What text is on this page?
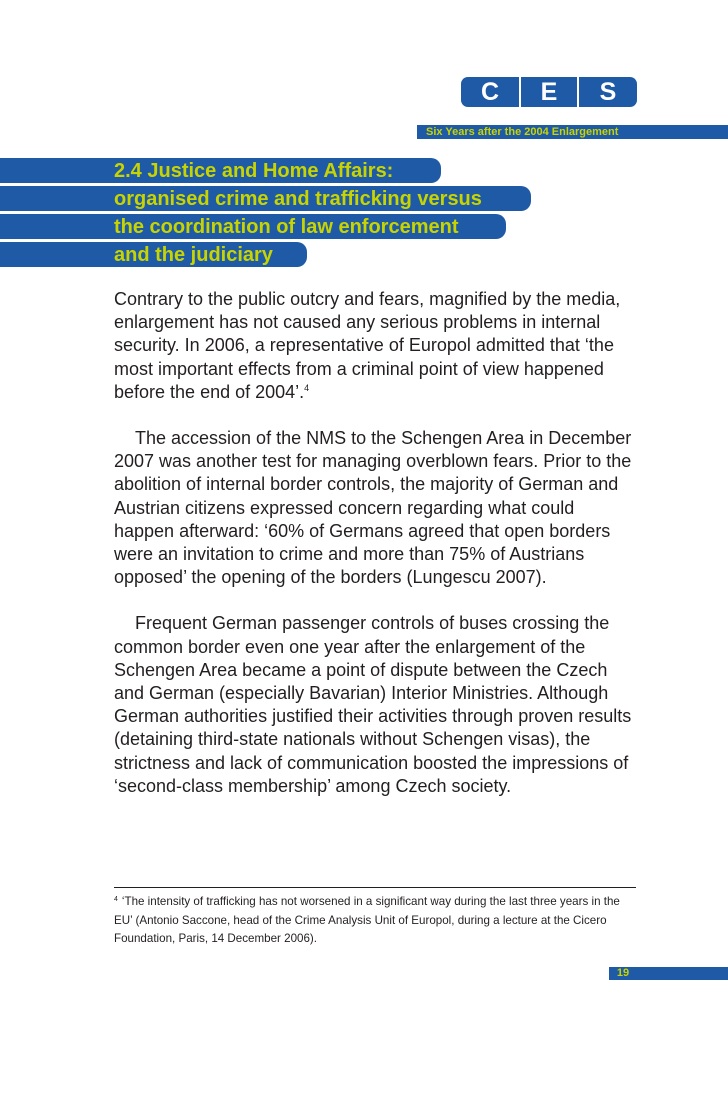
C	E	S
Six Years after the 2004 Enlargement
2.4 Justice and Home Affairs:
organised crime and trafficking versus
the coordination of law enforcement
and the judiciary

Contrary to the public outcry and fears, magnified by the media, enlargement has not caused any serious problems in internal security. In 2006, a representative of Europol admitted that ‘the most important effects from a criminal point of view happened before the end of 2004’.$^4$

The accession of the NMS to the Schengen Area in December 2007 was another test for managing overblown fears. Prior to the abolition of internal border controls, the majority of German and Austrian citizens expressed concern regarding what could happen afterward: ‘60% of Germans agreed that open borders were an invitation to crime and more than 75% of Austrians opposed’ the opening of the borders (Lungescu 2007).

Frequent German passenger controls of buses crossing the common border even one year after the enlargement of the Schengen Area became a point of dispute between the Czech and German (especially Bavarian) Interior Ministries. Although German authorities justified their activities through proven results (detaining third-state nationals without Schengen visas), the strictness and lack of communication boosted the impressions of ‘second-class membership’ among Czech society.

$^4$ ‘The intensity of trafficking has not worsened in a significant way during the last three years in the EU’ (Antonio Saccone, head of the Crime Analysis Unit of Europol, during a lecture at the Cicero Foundation, Paris, 14 December 2006).
19
